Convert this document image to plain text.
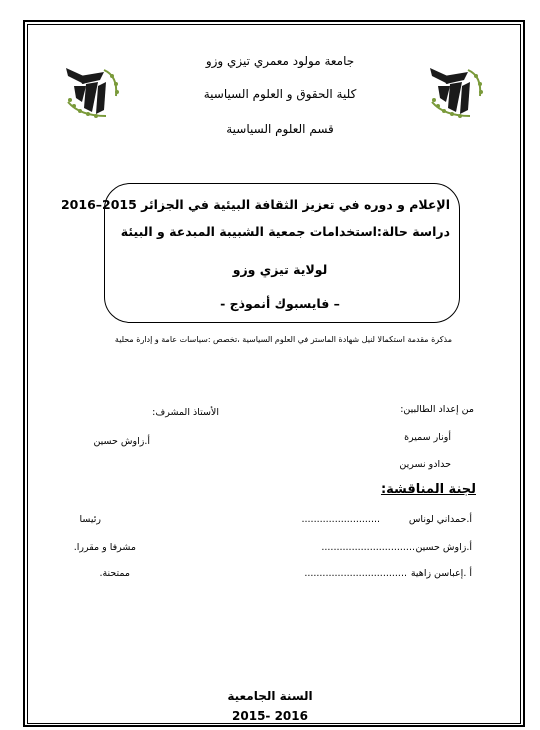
جامعة مولود معمري تيزي وزو
كلية الحقوق و العلوم السياسية
قسم العلوم السياسية
الإعلام و دوره في تعزيز الثقافة البيئية في الجزائر 2015–2016
دراسة حالة:استخدامات جمعية الشبيبة المبدعة و البيئة
لولاية تيزي وزو
– فايسبوك أنموذج -
مذكرة مقدمة استكمالا لنيل شهادة الماستر في العلوم السياسية ،تخصص :سياسات عامة و إدارة محلية
من إعداد الطالبين:
أونار سميرة
حدادو نسرين
الأستاذ المشرف:
أ.زاوش حسين
لجنة المناقشة:
أ.حمداني لوناس
..........................
رئيسا
أ.زاوش حسين
...............................
مشرفا و مقررا.
أ .إعباسن زاهية
..................................
ممتحنة.
السنة الجامعية
2015- 2016
